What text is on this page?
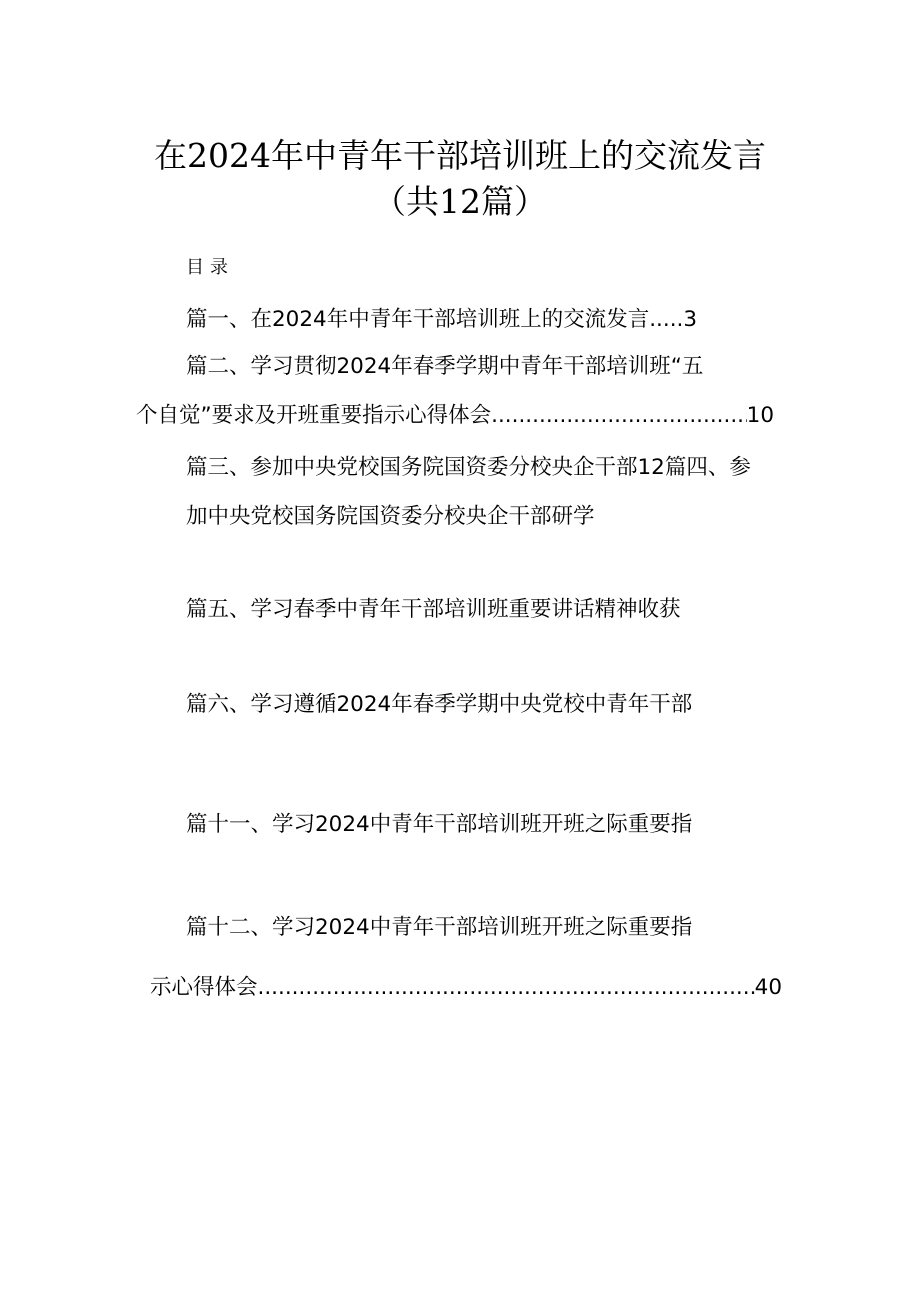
在2024年中青年干部培训班上的交流发言
（共12篇）
目录
篇一、在2024年中青年干部培训班上的交流发言.....3
篇二、学习贯彻2024年春季学期中青年干部培训班“五
个自觉”要求及开班重要指示心得体会 .....	10
篇三、参加中央党校国务院国资委分校央企干部12篇四、参
加中央党校国务院国资委分校央企干部研学
篇五、学习春季中青年干部培训班重要讲话精神收获
篇六、学习遵循2024年春季学期中央党校中青年干部
篇十一、学习2024中青年干部培训班开班之际重要指
篇十二、学习2024中青年干部培训班开班之际重要指
示心得体会 .....	40
